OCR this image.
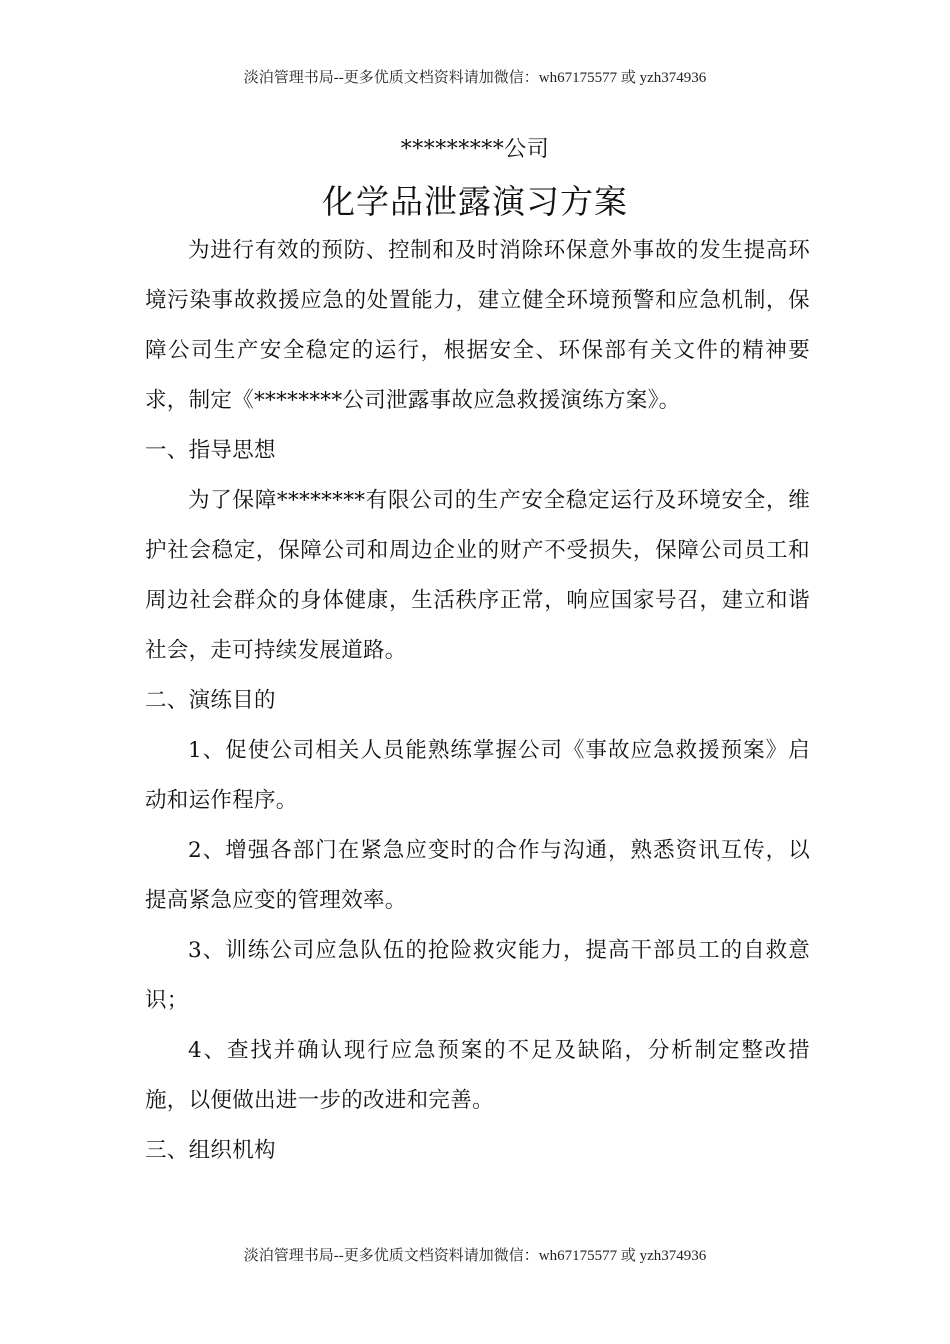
淡泊管理书局--更多优质文档资料请加微信：wh67175577 或 yzh374936
*********公司
化学品泄露演习方案

为进行有效的预防、控制和及时消除环保意外事故的发生提高环境污染事故救援应急的处置能力，建立健全环境预警和应急机制，保障公司生产安全稳定的运行，根据安全、环保部有关文件的精神要求，制定《********公司泄露事故应急救援演练方案》。

一、指导思想

为了保障********有限公司的生产安全稳定运行及环境安全，维护社会稳定，保障公司和周边企业的财产不受损失，保障公司员工和周边社会群众的身体健康，生活秩序正常，响应国家号召，建立和谐社会，走可持续发展道路。

二、演练目的

1、促使公司相关人员能熟练掌握公司《事故应急救援预案》启动和运作程序。

2、增强各部门在紧急应变时的合作与沟通，熟悉资讯互传，以提高紧急应变的管理效率。

3、训练公司应急队伍的抢险救灾能力，提高干部员工的自救意识；

4、查找并确认现行应急预案的不足及缺陷，分析制定整改措施，以便做出进一步的改进和完善。

三、组织机构

淡泊管理书局--更多优质文档资料请加微信：wh67175577 或 yzh374936
